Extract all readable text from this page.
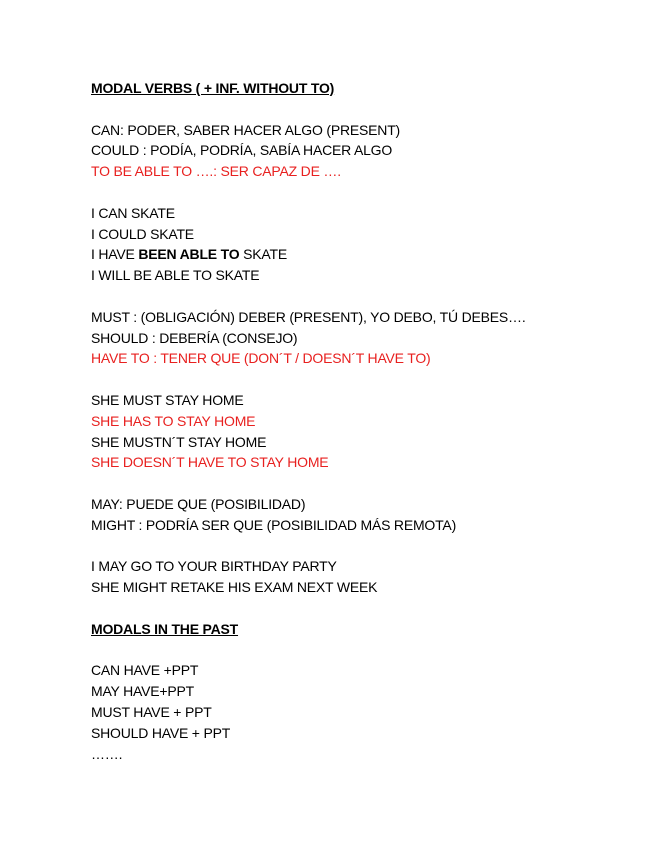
MODAL VERBS ( + INF. WITHOUT TO)
CAN: PODER, SABER HACER ALGO (PRESENT)
COULD : PODÍA, PODRÍA, SABÍA HACER ALGO
TO BE ABLE TO ….: SER CAPAZ DE ….
I CAN SKATE
I COULD SKATE
I HAVE BEEN ABLE TO SKATE
I WILL BE ABLE TO SKATE
MUST : (OBLIGACIÓN) DEBER (PRESENT), YO DEBO, TÚ DEBES….
SHOULD : DEBERÍA (CONSEJO)
HAVE TO : TENER QUE (DON´T / DOESN´T HAVE TO)
SHE MUST STAY HOME
SHE HAS TO STAY HOME
SHE MUSTN´T STAY HOME
SHE DOESN´T HAVE TO STAY HOME
MAY: PUEDE QUE (POSIBILIDAD)
MIGHT : PODRÍA SER QUE (POSIBILIDAD MÁS REMOTA)
I MAY GO TO YOUR BIRTHDAY PARTY
SHE MIGHT RETAKE HIS EXAM NEXT WEEK
MODALS IN THE PAST
CAN HAVE +PPT
MAY HAVE+PPT
MUST HAVE + PPT
SHOULD HAVE + PPT
…….
